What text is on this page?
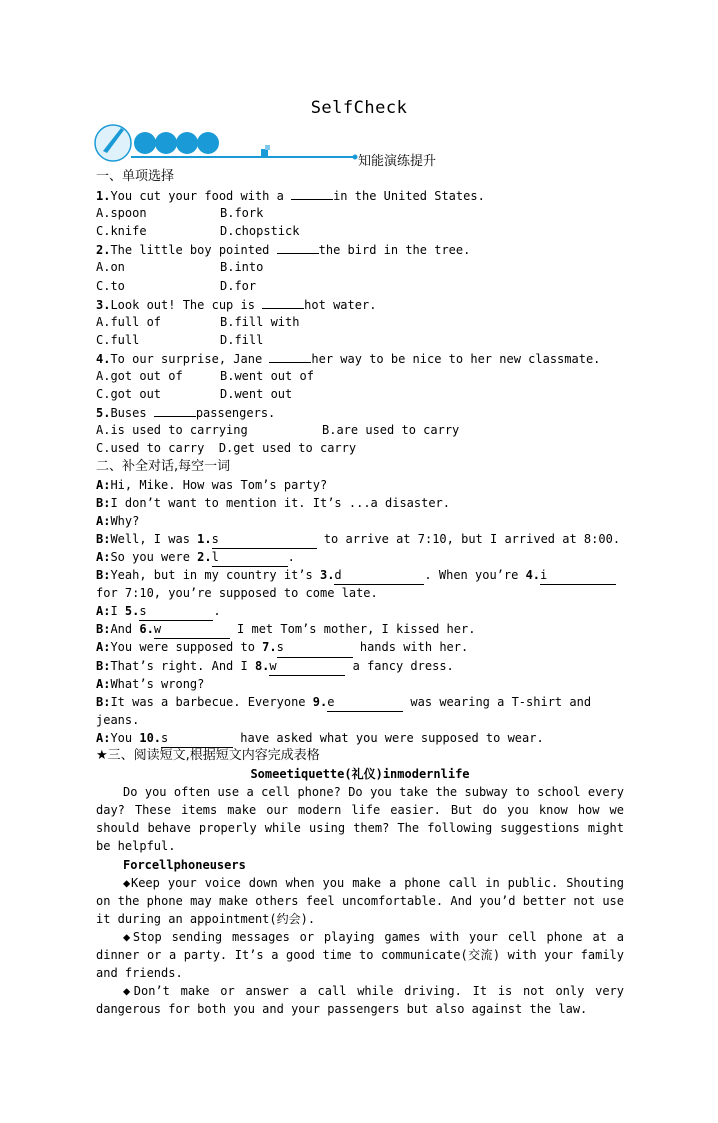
SelfCheck
知能演练提升
一、单项选择
1.You cut your food with a	in the United States.
A.spoon	B.fork
C.knife	D.chopstick
2.The little boy pointed	the bird in the tree.
A.on	B.into
C.to	D.for
3.Look out! The cup is	hot water.
A.full of	B.fill with
C.full	D.fill
4.To our surprise, Jane	her way to be nice to her new classmate.
A.got out of	B.went out of
C.got out	D.went out
5.Buses	passengers.
A.is used to carrying	B.are used to carry
C.used to carry
D.get used to carry
二、补全对话,每空一词
A:Hi, Mike. How was Tom’s party?
B:I don’t want to mention it. It’s ...a disaster.
A:Why?
B:Well, I was 1.s	to arrive at 7:10, but I arrived at 8:00.
A:So you were 2.l	.
B:Yeah, but in my country it’s 3.d	. When you’re 4.i
for 7:10, you’re supposed to come late.
A:I 5.s	.
B:And 6.w	I met Tom’s mother, I kissed her.
A:You were supposed to 7.s	hands with her.
B:That’s right. And I 8.w	a fancy dress.
A:What’s wrong?
B:It was a barbecue. Everyone 9.e	was wearing a T-shirt and
jeans.
A:You 10.s	have asked what you were supposed to wear.
★三、阅读短文,根据短文内容完成表格
Someetiquette(礼仪)inmodernlife
Do you often use a cell phone? Do you take the subway to school every day? These items make our modern life easier. But do you know how we should behave properly while using them? The following suggestions might be helpful.
Forcellphoneusers
◆Keep your voice down when you make a phone call in public. Shouting on the phone may make others feel uncomfortable. And you’d better not use it during an appointment(约会).
◆Stop sending messages or playing games with your cell phone at a dinner or a party. It’s a good time to communicate(交流) with your family and friends.
◆Don’t make or answer a call while driving. It is not only very dangerous for both you and your passengers but also against the law.
